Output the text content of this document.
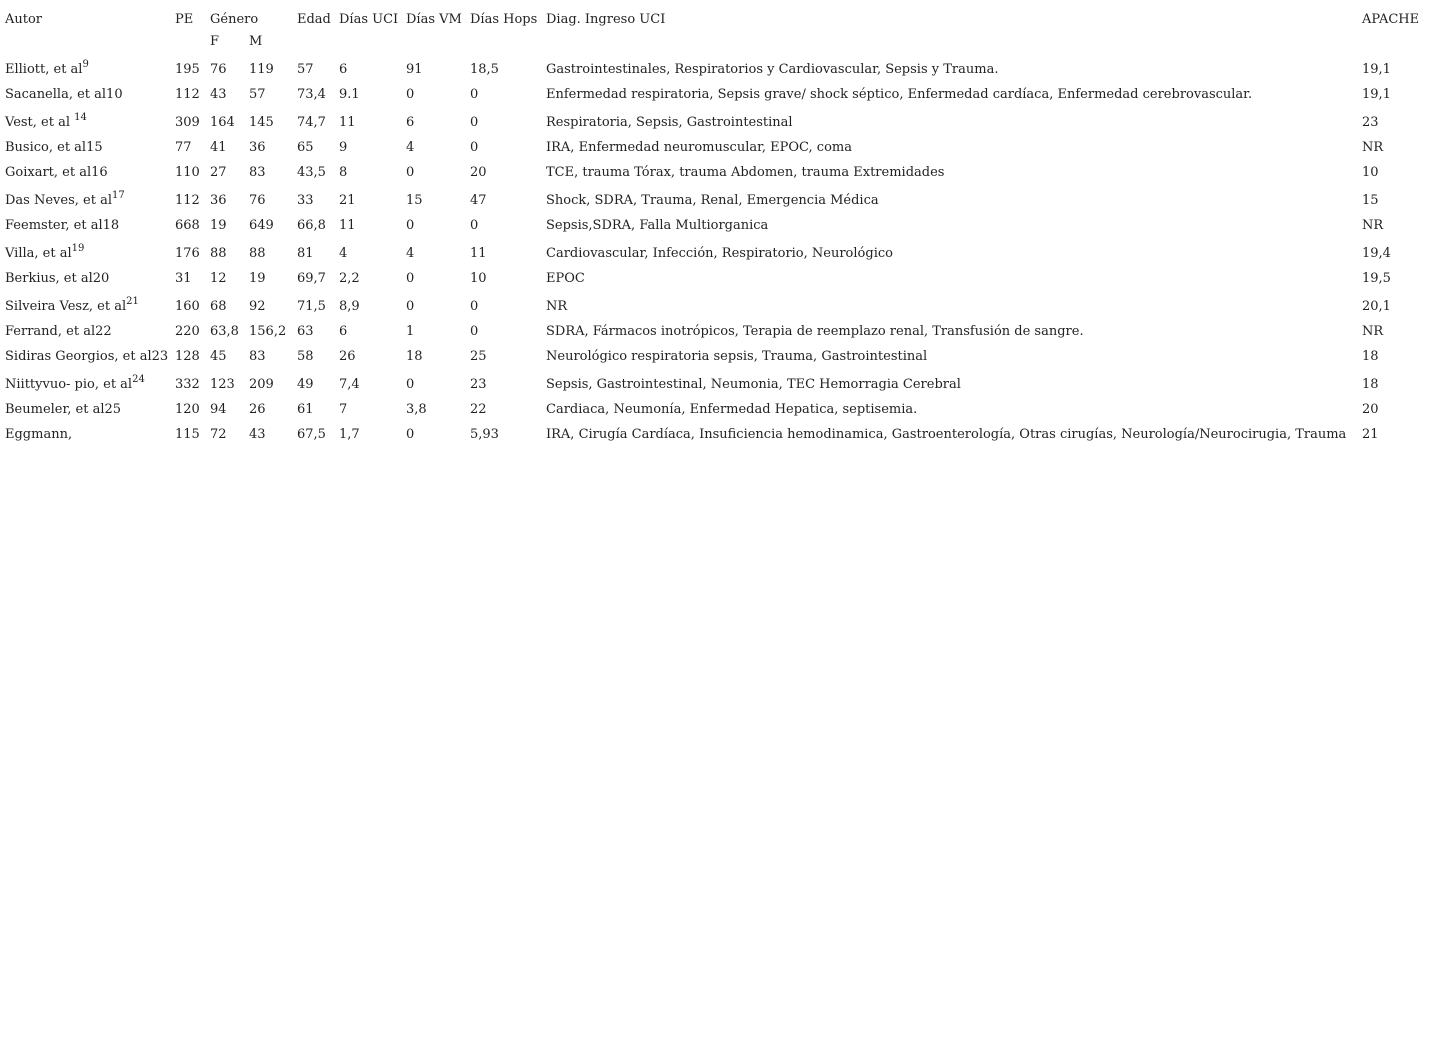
Autor	PE	Género		Edad	Días UCI	Días VM	Días Hops	Diag. Ingreso UCI	APACHE
		F	M						
Elliott, et $al^9$	195	76	119	57	6	91	18,5	Gastrointestinales, Respiratorios y Cardiovascular, Sepsis y Trauma.	19,1
Sacanella, et al10	112	43	57	73,4	9.1	0	0	Enfermedad respiratoria, Sepsis grave/ shock séptico, Enfermedad cardíaca, Enfermedad cerebrovascular.	19,1
Vest, et al $^{14}$	309	164	145	74,7	11	6	0	Respiratoria, Sepsis, Gastrointestinal	23
Busico, et al15	77	41	36	65	9	4	0	IRA, Enfermedad neuromuscular, EPOC, coma	NR
Goixart, et al16	110	27	83	43,5	8	0	20	TCE, trauma Tórax, trauma Abdomen, trauma Extremidades	10
Das Neves, et $al^{17}$	112	36	76	33	21	15	47	Shock, SDRA, Trauma, Renal, Emergencia Médica	15
Feemster, et al18	668	19	649	66,8	11	0	0	Sepsis,SDRA, Falla Multiorganica	NR
Villa, et $al^{19}$	176	88	88	81	4	4	11	Cardiovascular, Infección, Respiratorio, Neurológico	19,4
Berkius, et al20	31	12	19	69,7	2,2	0	10	EPOC	19,5
Silveira Vesz, et $al^{21}$	160	68	92	71,5	8,9	0	0	NR	20,1
Ferrand, et al22	220	63,8	156,2	63	6	1	0	SDRA, Fármacos inotrópicos, Terapia de reemplazo renal, Transfusión de sangre.	NR
Sidiras Georgios, et al23	128	45	83	58	26	18	25	Neurológico respiratoria sepsis, Trauma, Gastrointestinal	18
Niittyvuo- pio, et $al^{24}$	332	123	209	49	7,4	0	23	Sepsis, Gastrointestinal, Neumonia, TEC Hemorragia Cerebral	18
Beumeler, et al25	120	94	26	61	7	3,8	22	Cardiaca, Neumonía, Enfermedad Hepatica, septisemia.	20
Eggmann,	115	72	43	67,5	1,7	0	5,93	IRA, Cirugía Cardíaca, Insuficiencia hemodinamica, Gastroenterología, Otras cirugías, Neurología/Neurocirugia, Trauma	21
